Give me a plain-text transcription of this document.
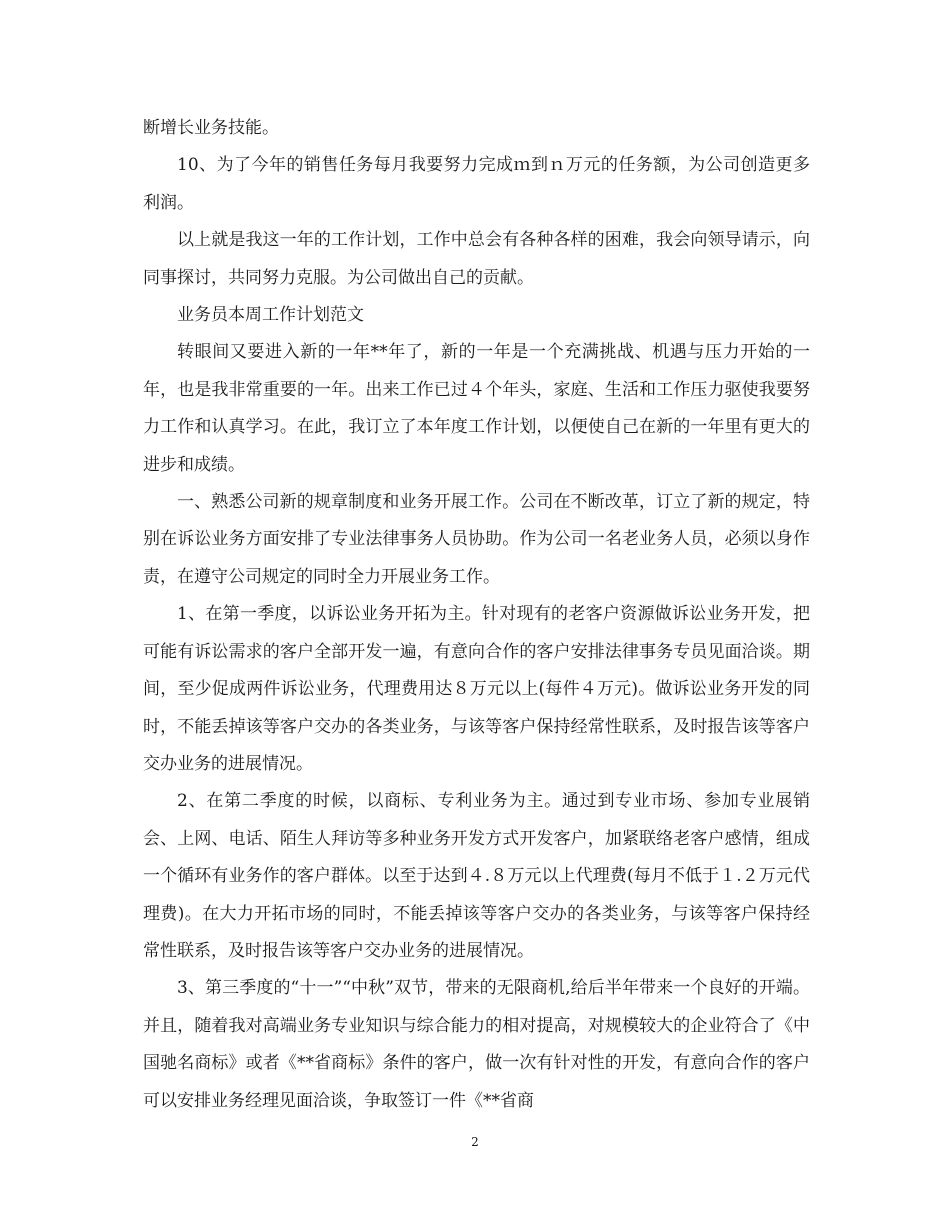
断增长业务技能。

10、为了今年的销售任务每月我要努力完成ｍ到ｎ万元的任务额，为公司创造更多利润。

以上就是我这一年的工作计划，工作中总会有各种各样的困难，我会向领导请示，向同事探讨，共同努力克服。为公司做出自己的贡献。

业务员本周工作计划范文

转眼间又要进入新的一年**年了，新的一年是一个充满挑战、机遇与压力开始的一年，也是我非常重要的一年。出来工作已过４个年头，家庭、生活和工作压力驱使我要努力工作和认真学习。在此，我订立了本年度工作计划，以便使自己在新的一年里有更大的进步和成绩。

一、熟悉公司新的规章制度和业务开展工作。公司在不断改革，订立了新的规定，特别在诉讼业务方面安排了专业法律事务人员协助。作为公司一名老业务人员，必须以身作责，在遵守公司规定的同时全力开展业务工作。

1、在第一季度，以诉讼业务开拓为主。针对现有的老客户资源做诉讼业务开发，把可能有诉讼需求的客户全部开发一遍，有意向合作的客户安排法律事务专员见面洽谈。期间，至少促成两件诉讼业务，代理费用达８万元以上(每件４万元)。做诉讼业务开发的同时，不能丢掉该等客户交办的各类业务，与该等客户保持经常性联系，及时报告该等客户交办业务的进展情况。

2、在第二季度的时候，以商标、专利业务为主。通过到专业市场、参加专业展销会、上网、电话、陌生人拜访等多种业务开发方式开发客户，加紧联络老客户感情，组成一个循环有业务作的客户群体。以至于达到４.８万元以上代理费(每月不低于１.２万元代理费)。在大力开拓市场的同时，不能丢掉该等客户交办的各类业务，与该等客户保持经常性联系，及时报告该等客户交办业务的进展情况。

3、第三季度的“十一”“中秋”双节，带来的无限商机,给后半年带来一个良好的开端。并且，随着我对高端业务专业知识与综合能力的相对提高，对规模较大的企业符合了《中国驰名商标》或者《**省商标》条件的客户，做一次有针对性的开发，有意向合作的客户可以安排业务经理见面洽谈，争取签订一件《**省商

2
